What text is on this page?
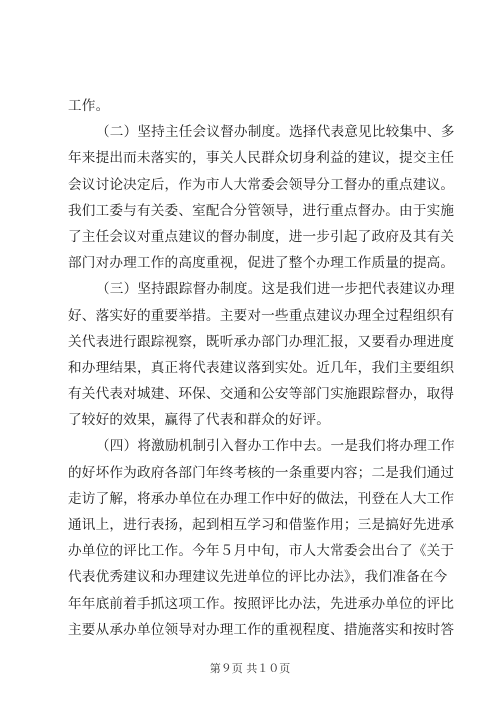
工作。
（二）坚持主任会议督办制度。选择代表意见比较集中、多
年来提出而未落实的，事关人民群众切身利益的建议，提交主任
会议讨论决定后，作为市人大常委会领导分工督办的重点建议。
我们工委与有关委、室配合分管领导，进行重点督办。由于实施
了主任会议对重点建议的督办制度，进一步引起了政府及其有关
部门对办理工作的高度重视，促进了整个办理工作质量的提高。
（三）坚持跟踪督办制度。这是我们进一步把代表建议办理
好、落实好的重要举措。主要对一些重点建议办理全过程组织有
关代表进行跟踪视察，既听承办部门办理汇报，又要看办理进度
和办理结果，真正将代表建议落到实处。近几年，我们主要组织
有关代表对城建、环保、交通和公安等部门实施跟踪督办，取得
了较好的效果，赢得了代表和群众的好评。
（四）将激励机制引入督办工作中去。一是我们将办理工作
的好坏作为政府各部门年终考核的一条重要内容；二是我们通过
走访了解，将承办单位在办理工作中好的做法，刊登在人大工作
通讯上，进行表扬，起到相互学习和借鉴作用；三是搞好先进承
办单位的评比工作。今年５月中旬，市人大常委会出台了《关于
代表优秀建议和办理建议先进单位的评比办法》，我们准备在今
年年底前着手抓这项工作。按照评比办法，先进承办单位的评比
主要从承办单位领导对办理工作的重视程度、措施落实和按时答
第９页 共１０页
